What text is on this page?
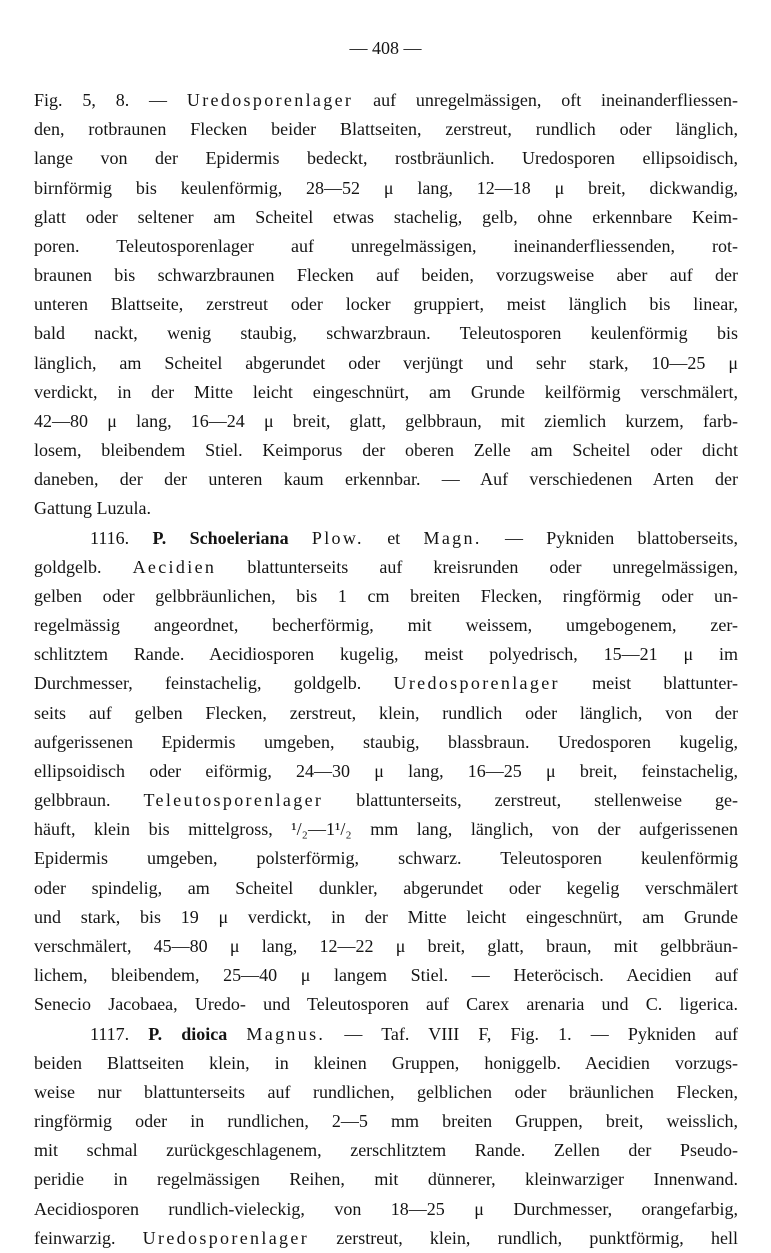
— 408 —
Fig. 5, 8. — Uredosporenlager auf unregelmässigen, oft ineinanderfliessen-
den, rotbraunen Flecken beider Blattseiten, zerstreut, rundlich oder länglich,
lange von der Epidermis bedeckt, rostbräunlich. Uredosporen ellipsoidisch,
birnförmig bis keulenförmig, 28—52 μ lang, 12—18 μ breit, dickwandig,
glatt oder seltener am Scheitel etwas stachelig, gelb, ohne erkennbare Keim-
poren. Teleutosporenlager auf unregelmässigen, ineinanderfliessenden, rot-
braunen bis schwarzbraunen Flecken auf beiden, vorzugsweise aber auf der
unteren Blattseite, zerstreut oder locker gruppiert, meist länglich bis linear,
bald nackt, wenig staubig, schwarzbraun. Teleutosporen keulenförmig bis
länglich, am Scheitel abgerundet oder verjüngt und sehr stark, 10—25 μ
verdickt, in der Mitte leicht eingeschnürt, am Grunde keilförmig verschmälert,
42—80 μ lang, 16—24 μ breit, glatt, gelbbraun, mit ziemlich kurzem, farb-
losem, bleibendem Stiel. Keimporus der oberen Zelle am Scheitel oder dicht
daneben, der der unteren kaum erkennbar. — Auf verschiedenen Arten der
Gattung Luzula.
1116. P. Schoeleriana Plow. et Magn. — Pykniden blattoberseits,
goldgelb. Aecidien blattunterseits auf kreisrunden oder unregelmässigen,
gelben oder gelbbräunlichen, bis 1 cm breiten Flecken, ringförmig oder un-
regelmässig angeordnet, becherförmig, mit weissem, umgebogenem, zer-
schlitztem Rande. Aecidiosporen kugelig, meist polyedrisch, 15—21 μ im
Durchmesser, feinstachelig, goldgelb. Uredosporenlager meist blattunter-
seits auf gelben Flecken, zerstreut, klein, rundlich oder länglich, von der
aufgerissenen Epidermis umgeben, staubig, blassbraun. Uredosporen kugelig,
ellipsoidisch oder eiförmig, 24—30 μ lang, 16—25 μ breit, feinstachelig,
gelbbraun. Teleutosporenlager blattunterseits, zerstreut, stellenweise ge-
häuft, klein bis mittelgross, ¹/₂—1¹/₂ mm lang, länglich, von der aufgerissenen
Epidermis umgeben, polsterförmig, schwarz. Teleutosporen keulenförmig
oder spindelig, am Scheitel dunkler, abgerundet oder kegelig verschmälert
und stark, bis 19 μ verdickt, in der Mitte leicht eingeschnürt, am Grunde
verschmälert, 45—80 μ lang, 12—22 μ breit, glatt, braun, mit gelbbräun-
lichem, bleibendem, 25—40 μ langem Stiel. — Heteröcisch. Aecidien auf
Senecio Jacobaea, Uredo- und Teleutosporen auf Carex arenaria und C. ligerica.
1117. P. dioica Magnus. — Taf. VIII F, Fig. 1. — Pykniden auf
beiden Blattseiten klein, in kleinen Gruppen, honiggelb. Aecidien vorzugs-
weise nur blattunterseits auf rundlichen, gelblichen oder bräunlichen Flecken,
ringförmig oder in rundlichen, 2—5 mm breiten Gruppen, breit, weisslich,
mit schmal zurückgeschlagenem, zerschlitztem Rande. Zellen der Pseudo-
peridie in regelmässigen Reihen, mit dünnerer, kleinwarziger Innenwand.
Aecidiosporen rundlich-vieleckig, von 18—25 μ Durchmesser, orangefarbig,
feinwarzig. Uredosporenlager zerstreut, klein, rundlich, punktförmig, hell
